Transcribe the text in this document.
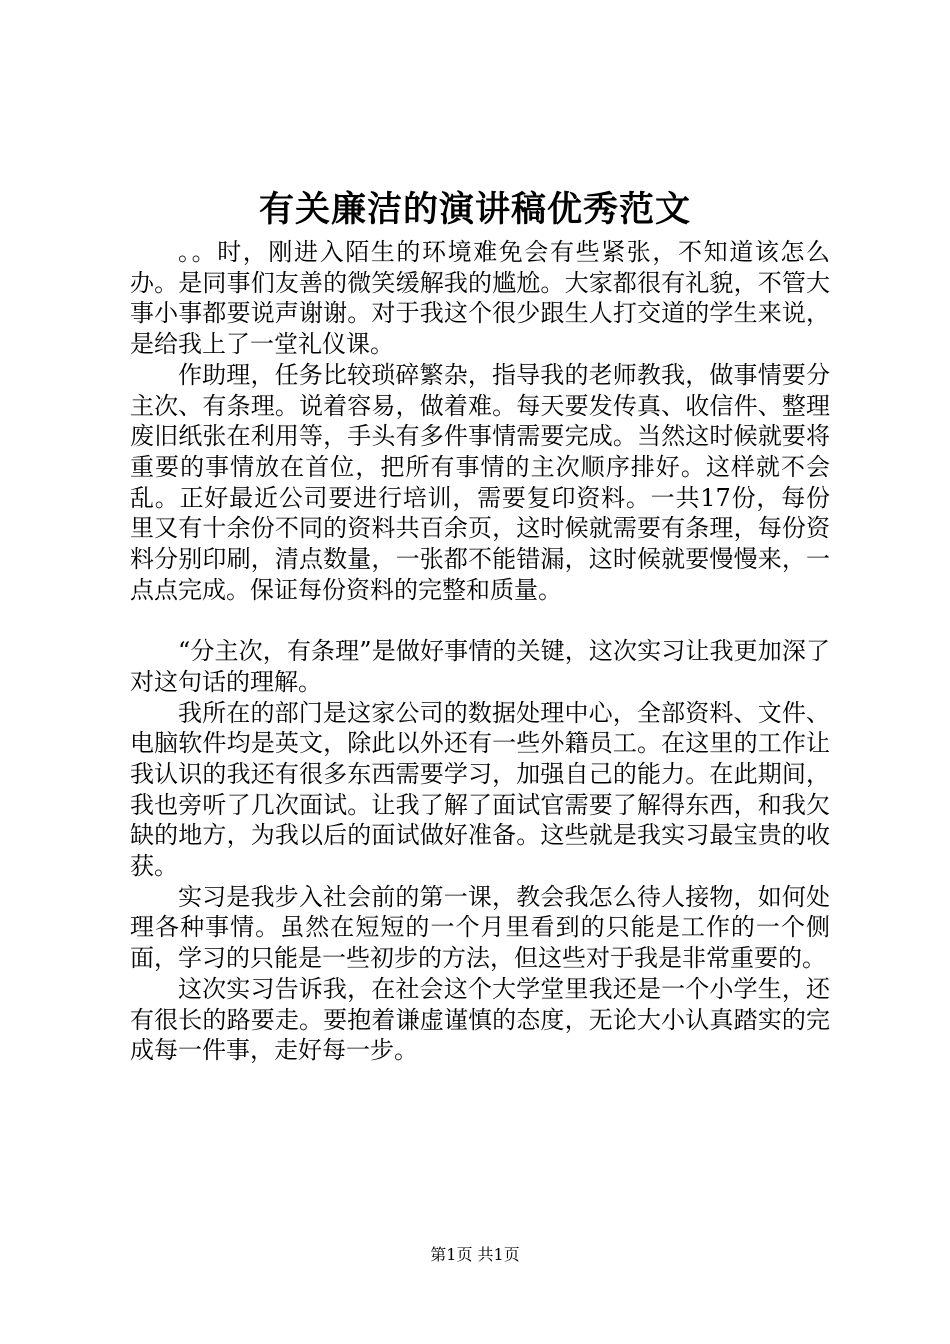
有关廉洁的演讲稿优秀范文

。。时，刚进入陌生的环境难免会有些紧张，不知道该怎么办。是同事们友善的微笑缓解我的尴尬。大家都很有礼貌，不管大事小事都要说声谢谢。对于我这个很少跟生人打交道的学生来说，是给我上了一堂礼仪课。

作助理，任务比较琐碎繁杂，指导我的老师教我，做事情要分主次、有条理。说着容易，做着难。每天要发传真、收信件、整理废旧纸张在利用等，手头有多件事情需要完成。当然这时候就要将重要的事情放在首位，把所有事情的主次顺序排好。这样就不会乱。正好最近公司要进行培训，需要复印资料。一共17份，每份里又有十余份不同的资料共百余页，这时候就需要有条理，每份资料分别印刷，清点数量，一张都不能错漏，这时候就要慢慢来，一点点完成。保证每份资料的完整和质量。

“分主次，有条理”是做好事情的关键，这次实习让我更加深了对这句话的理解。

我所在的部门是这家公司的数据处理中心，全部资料、文件、电脑软件均是英文，除此以外还有一些外籍员工。在这里的工作让我认识的我还有很多东西需要学习，加强自己的能力。在此期间，我也旁听了几次面试。让我了解了面试官需要了解得东西，和我欠缺的地方，为我以后的面试做好准备。这些就是我实习最宝贵的收获。

实习是我步入社会前的第一课，教会我怎么待人接物，如何处理各种事情。虽然在短短的一个月里看到的只能是工作的一个侧面，学习的只能是一些初步的方法，但这些对于我是非常重要的。

这次实习告诉我，在社会这个大学堂里我还是一个小学生，还有很长的路要走。要抱着谦虚谨慎的态度，无论大小认真踏实的完成每一件事，走好每一步。

第1页 共1页
